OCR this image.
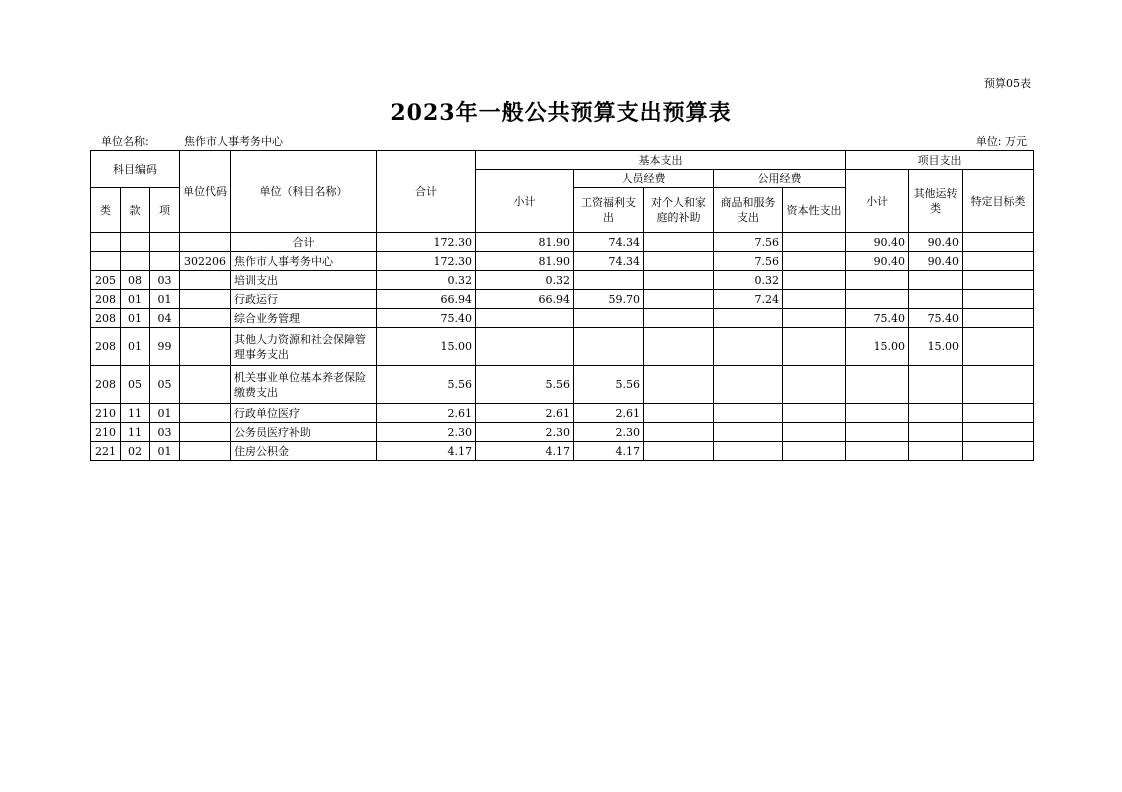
预算05表
2023年一般公共预算支出预算表
单位名称:	焦作市人事考务中心	单位: 万元
科目编码			单位代码	单位（科目名称）	合计	基本支出					项目支出		
						小计	人员经费		公用经费		小计	其他运转类	特定目标类
类	款	项					工资福利支出	对个人和家庭的补助	商品和服务支出	资本性支出			
				合计	172.30	81.90	74.34		7.56		90.40	90.40	
			302206	焦作市人事考务中心	172.30	81.90	74.34		7.56		90.40	90.40	
205	08	03		培训支出	0.32	0.32			0.32				
208	01	01		行政运行	66.94	66.94	59.70		7.24				
208	01	04		综合业务管理	75.40						75.40	75.40	
208	01	99		其他人力资源和社会保障管理事务支出	15.00						15.00	15.00	
208	05	05		机关事业单位基本养老保险缴费支出	5.56	5.56	5.56						
210	11	01		行政单位医疗	2.61	2.61	2.61						
210	11	03		公务员医疗补助	2.30	2.30	2.30						
221	02	01		住房公积金	4.17	4.17	4.17						
